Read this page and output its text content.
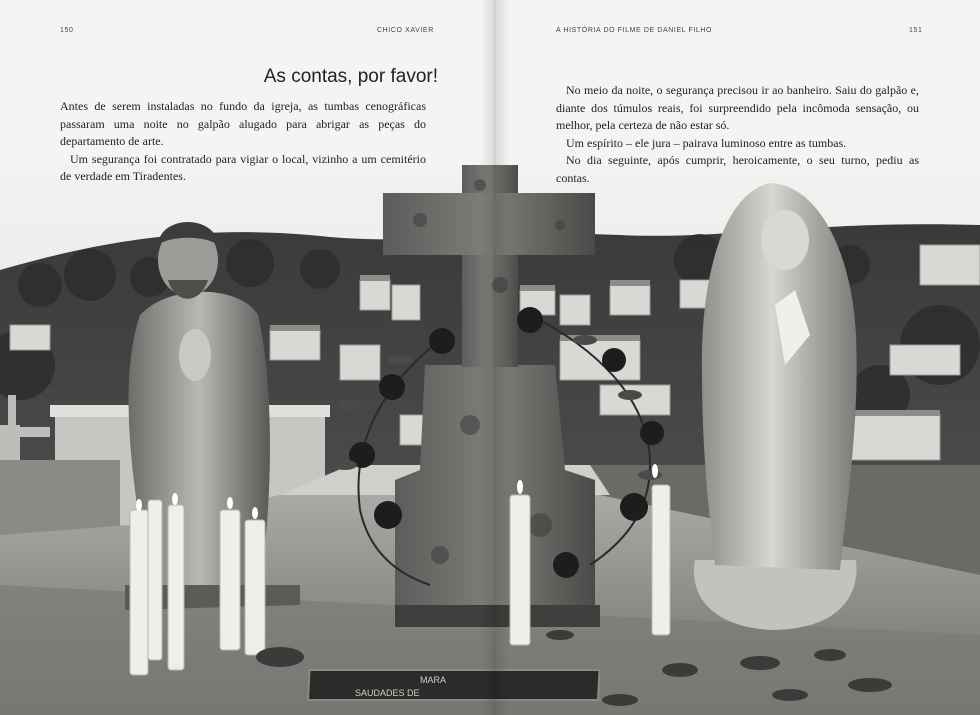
MARA
SAUDADES DE
150	CHICO XAVIER	A HISTÓRIA DO FILME DE DANIEL FILHO	151
As contas, por favor!

Antes de serem instaladas no fundo da igreja, as tumbas cenográficas passaram uma noite no galpão alugado para abrigar as peças do departamento de arte.

Um segurança foi contratado para vigiar o local, vizinho a um cemitério de verdade em Tiradentes.

No meio da noite, o segurança precisou ir ao banheiro. Saiu do galpão e, diante dos túmulos reais, foi surpreendido pela incômoda sensação, ou melhor, pela certeza de não estar só.

Um espírito – ele jura – pairava luminoso entre as tumbas.

No dia seguinte, após cumprir, heroicamente, o seu turno, pediu as contas.
